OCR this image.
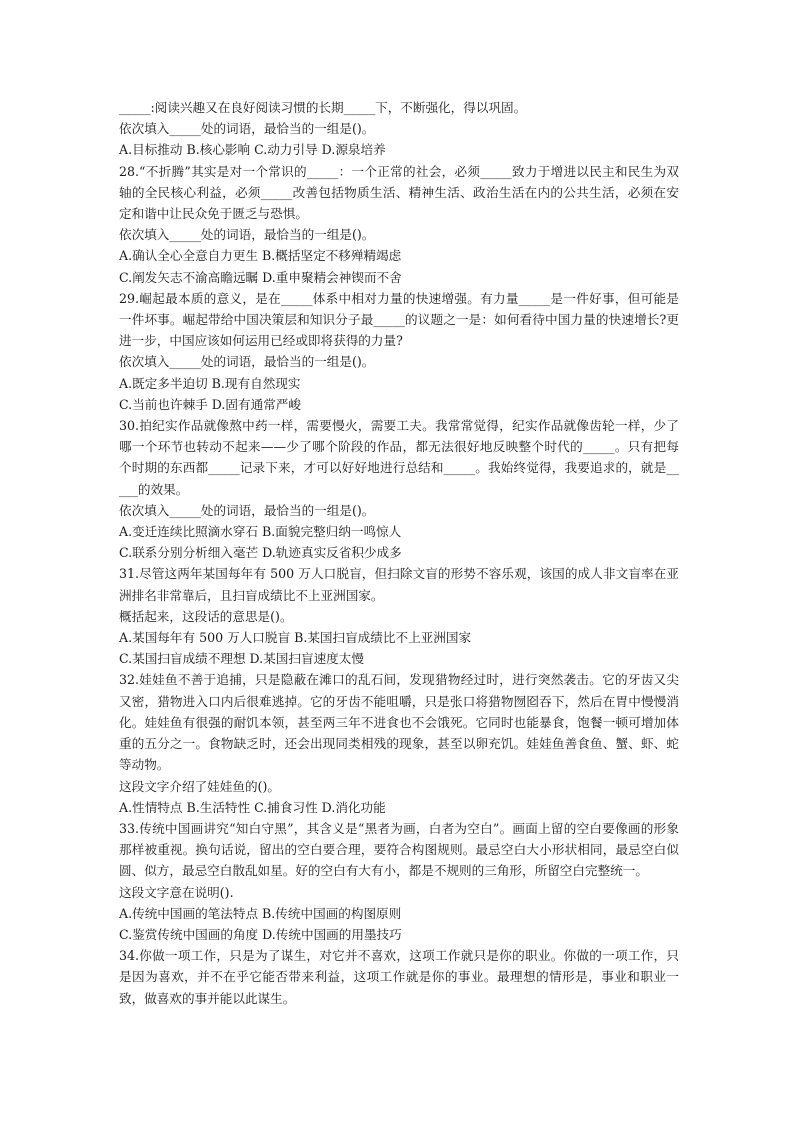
_____:阅读兴趣又在良好阅读习惯的长期_____下，不断强化，得以巩固。

依次填入_____处的词语，最恰当的一组是()。

A.目标推动 B.核心影响 C.动力引导 D.源泉培养

28.“不折腾”其实是对一个常识的_____：一个正常的社会，必须_____致力于增进以民主和民生为双轴的全民核心利益，必须_____改善包括物质生活、精神生活、政治生活在内的公共生活，必须在安定和谐中让民众免于匮乏与恐惧。

依次填入_____处的词语，最恰当的一组是()。

A.确认全心全意自力更生 B.概括坚定不移殚精竭虑

C.阐发矢志不渝高瞻远瞩 D.重申聚精会神锲而不舍

29.崛起最本质的意义，是在_____体系中相对力量的快速增强。有力量_____是一件好事，但可能是一件坏事。崛起带给中国决策层和知识分子最_____的议题之一是：如何看待中国力量的快速增长?更进一步，中国应该如何运用已经或即将获得的力量?

依次填入_____处的词语，最恰当的一组是()。

A.既定多半迫切 B.现有自然现实

C.当前也许棘手 D.固有通常严峻

30.拍纪实作品就像熬中药一样，需要慢火，需要工夫。我常常觉得，纪实作品就像齿轮一样，少了哪一个环节也转动不起来——少了哪个阶段的作品，都无法很好地反映整个时代的_____。只有把每个时期的东西都_____记录下来，才可以好好地进行总结和_____。我始终觉得，我要追求的，就是_____的效果。

依次填入_____处的词语，最恰当的一组是()。

A.变迁连续比照滴水穿石 B.面貌完整归纳一鸣惊人

C.联系分别分析细入毫芒 D.轨迹真实反省积少成多

31.尽管这两年某国每年有 500 万人口脱盲，但扫除文盲的形势不容乐观，该国的成人非文盲率在亚洲排名非常靠后，且扫盲成绩比不上亚洲国家。

概括起来，这段话的意思是()。

A.某国每年有 500 万人口脱盲 B.某国扫盲成绩比不上亚洲国家

C.某国扫盲成绩不理想 D.某国扫盲速度太慢

32.娃娃鱼不善于追捕，只是隐蔽在滩口的乱石间，发现猎物经过时，进行突然袭击。它的牙齿又尖又密，猎物进入口内后很难逃掉。它的牙齿不能咀嚼，只是张口将猎物囫囵吞下，然后在胃中慢慢消化。娃娃鱼有很强的耐饥本领，甚至两三年不进食也不会饿死。它同时也能暴食，饱餐一顿可增加体重的五分之一。食物缺乏时，还会出现同类相残的现象，甚至以卵充饥。娃娃鱼善食鱼、蟹、虾、蛇等动物。

这段文字介绍了娃娃鱼的()。

A.性情特点 B.生活特性 C.捕食习性 D.消化功能

33.传统中国画讲究“知白守黑”，其含义是“黑者为画，白者为空白”。画面上留的空白要像画的形象那样被重视。换句话说，留出的空白要合理，要符合构图规则。最忌空白大小形状相同，最忌空白似圆、似方，最忌空白散乱如星。好的空白有大有小，都是不规则的三角形，所留空白完整统一。

这段文字意在说明().

A.传统中国画的笔法特点 B.传统中国画的构图原则

C.鉴赏传统中国画的角度 D.传统中国画的用墨技巧

34.你做一项工作，只是为了谋生，对它并不喜欢，这项工作就只是你的职业。你做的一项工作，只是因为喜欢，并不在乎它能否带来利益，这项工作就是你的事业。最理想的情形是，事业和职业一致，做喜欢的事并能以此谋生。
